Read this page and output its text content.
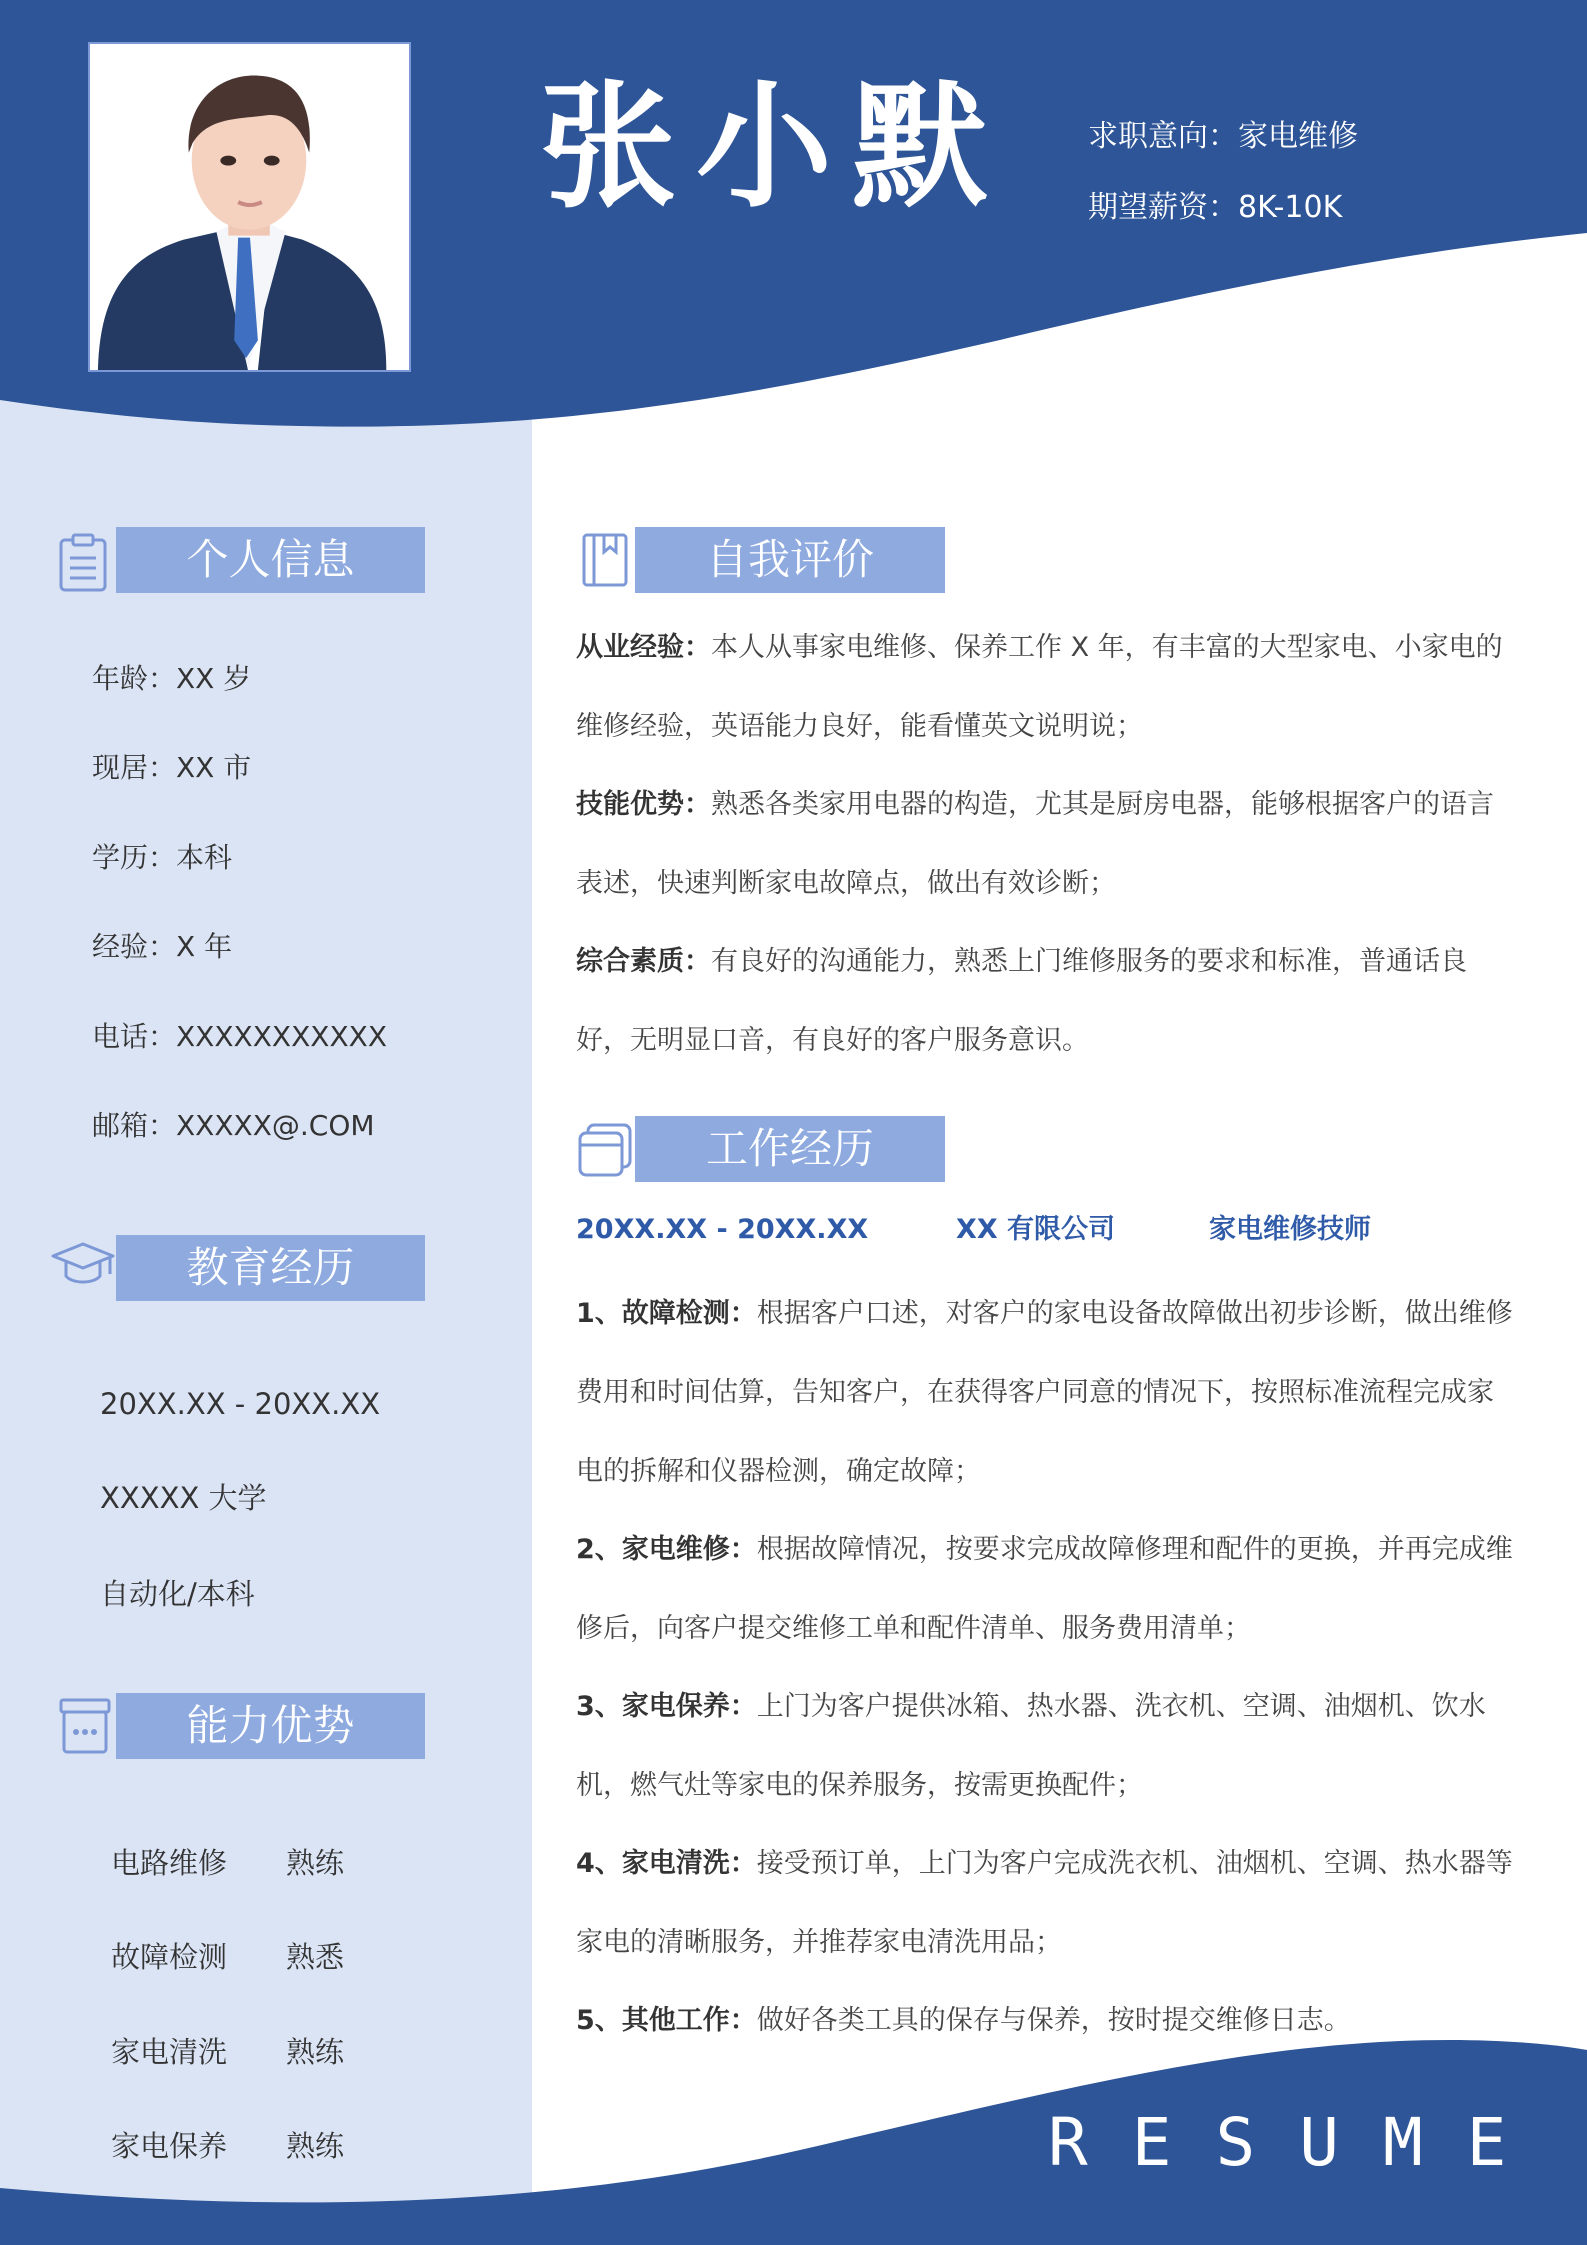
张小默	求职意向：家电维修
期望薪资：8K-10K
个人信息
年龄：XX 岁
现居：XX 市
学历：本科
经验：X 年
电话：XXXXXXXXXXX
邮箱：XXXXX@.COM
教育经历
20XX.XX - 20XX.XX
XXXXX 大学
自动化/本科
能力优势
电路维修 熟练
故障检测 熟悉
家电清洗 熟练
家电保养 熟练
自我评价

从业经验：本人从事家电维修、保养工作 X 年，有丰富的大型家电、小家电的维修经验，英语能力良好，能看懂英文说明说；

技能优势：熟悉各类家用电器的构造，尤其是厨房电器，能够根据客户的语言表述，快速判断家电故障点，做出有效诊断；

综合素质：有良好的沟通能力，熟悉上门维修服务的要求和标准，普通话良好，无明显口音，有良好的客户服务意识。

工作经历
20XX.XX - 20XX.XX	XX 有限公司	家电维修技师

1、故障检测：根据客户口述，对客户的家电设备故障做出初步诊断，做出维修费用和时间估算，告知客户，在获得客户同意的情况下，按照标准流程完成家电的拆解和仪器检测，确定故障；

2、家电维修：根据故障情况，按要求完成故障修理和配件的更换，并再完成维修后，向客户提交维修工单和配件清单、服务费用清单；

3、家电保养：上门为客户提供冰箱、热水器、洗衣机、空调、油烟机、饮水机，燃气灶等家电的保养服务，按需更换配件；

4、家电清洗：接受预订单，上门为客户完成洗衣机、油烟机、空调、热水器等家电的清晰服务，并推荐家电清洗用品；

5、其他工作：做好各类工具的保存与保养，按时提交维修日志。

RESUME
